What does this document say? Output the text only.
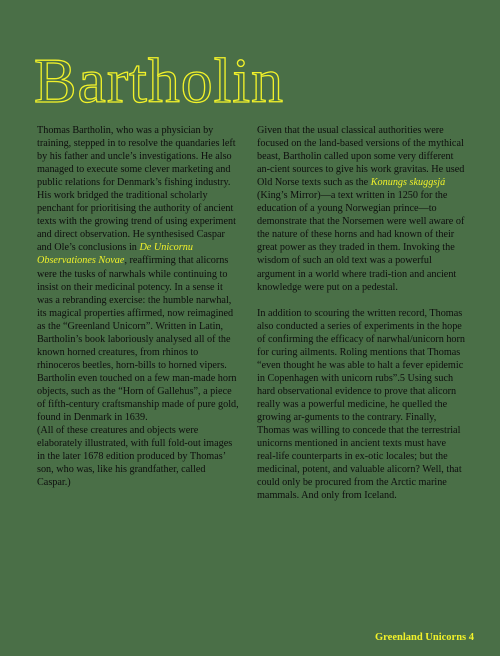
Bartholin

Thomas Bartholin, who was a physician by training, stepped in to resolve the quandaries left by his father and uncle’s investigations. He also managed to execute some clever marketing and public relations for Denmark’s fishing industry. His work bridged the traditional scholarly penchant for prioritising the authority of ancient texts with the growing trend of using experiment and direct observation. He synthesised Caspar and Ole’s conclusions in De Unicornu Observationes Novae, reaffirming that alicorns were the tusks of narwhals while continuing to insist on their medicinal potency. In a sense it was a rebranding exercise: the humble narwhal, its magical properties affirmed, now reimagined as the “Greenland Unicorn”. Written in Latin, Bartholin’s book laboriously analysed all of the known horned creatures, from rhinos to rhinoceros beetles, horn-bills to horned vipers. Bartholin even touched on a few man-made horn objects, such as the “Horn of Gallehus”, a piece of fifth-century craftsmanship made of pure gold, found in Denmark in 1639.
(All of these creatures and objects were elaborately illustrated, with full fold-out images in the later 1678 edition produced by Thomas’ son, who was, like his grandfather, called Caspar.)

Given that the usual classical authorities were focused on the land-based versions of the mythical beast, Bartholin called upon some very different an-cient sources to give his work gravitas. He used Old Norse texts such as the Konungs skuggsjá (King’s Mirror)—a text written in 1250 for the education of a young Norwegian prince—to demonstrate that the Norsemen were well aware of the nature of these horns and had known of their great power as they traded in them. Invoking the wisdom of such an old text was a powerful argument in a world where tradi-tion and ancient knowledge were put on a pedestal.

In addition to scouring the written record, Thomas also conducted a series of experiments in the hope of confirming the efficacy of narwhal/unicorn horn for curing ailments. Roling mentions that Thomas “even thought he was able to halt a fever epidemic in Copenhagen with unicorn rubs”.5 Using such hard observational evidence to prove that alicorn really was a powerful medicine, he quelled the growing ar-guments to the contrary. Finally, Thomas was willing to concede that the terrestrial unicorns mentioned in ancient texts must have real-life counterparts in ex-otic locales; but the medicinal, potent, and valuable alicorn? Well, that could only be procured from the Arctic marine mammals. And only from Iceland.

Greenland Unicorns 4
